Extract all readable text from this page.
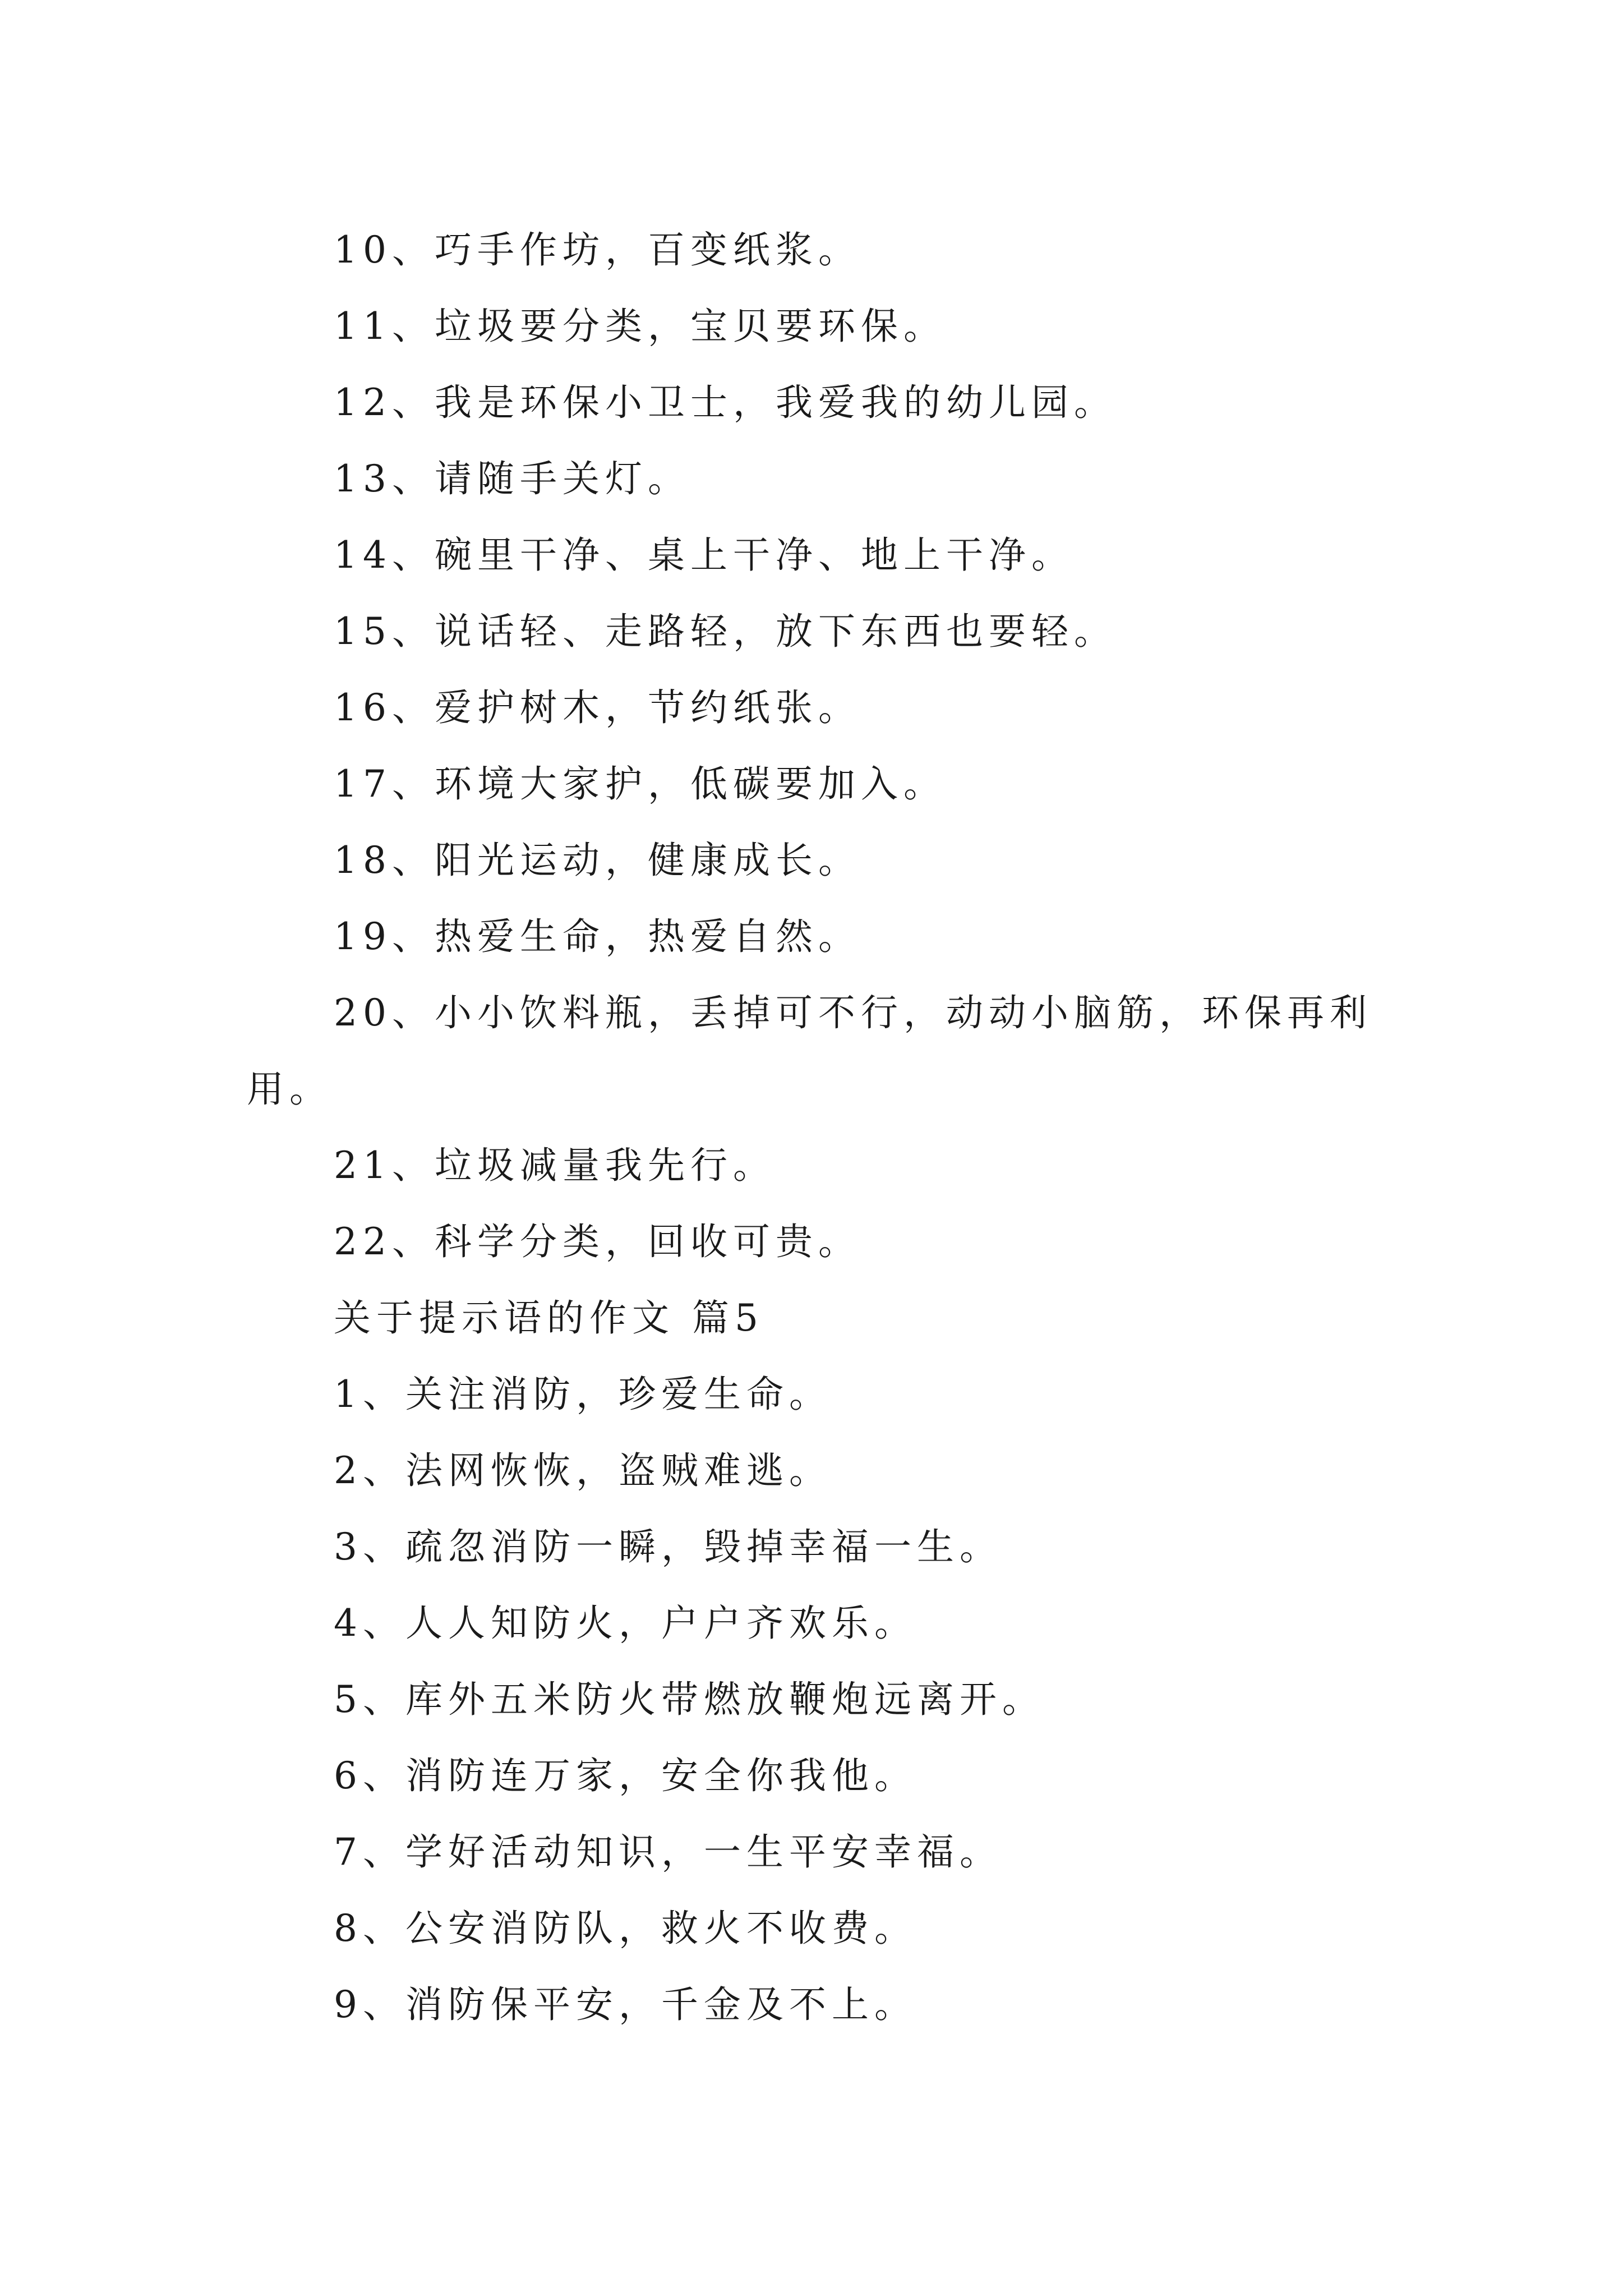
10、巧手作坊，百变纸浆。
11、垃圾要分类，宝贝要环保。
12、我是环保小卫士，我爱我的幼儿园。
13、请随手关灯。
14、碗里干净、桌上干净、地上干净。
15、说话轻、走路轻，放下东西也要轻。
16、爱护树木，节约纸张。
17、环境大家护，低碳要加入。
18、阳光运动，健康成长。
19、热爱生命，热爱自然。
20、小小饮料瓶，丢掉可不行，动动小脑筋，环保再利
用。
21、垃圾减量我先行。
22、科学分类，回收可贵。
关于提示语的作文 篇5
1、关注消防，珍爱生命。
2、法网恢恢，盗贼难逃。
3、疏忽消防一瞬，毁掉幸福一生。
4、人人知防火，户户齐欢乐。
5、库外五米防火带燃放鞭炮远离开。
6、消防连万家，安全你我他。
7、学好活动知识，一生平安幸福。
8、公安消防队，救火不收费。
9、消防保平安，千金及不上。
